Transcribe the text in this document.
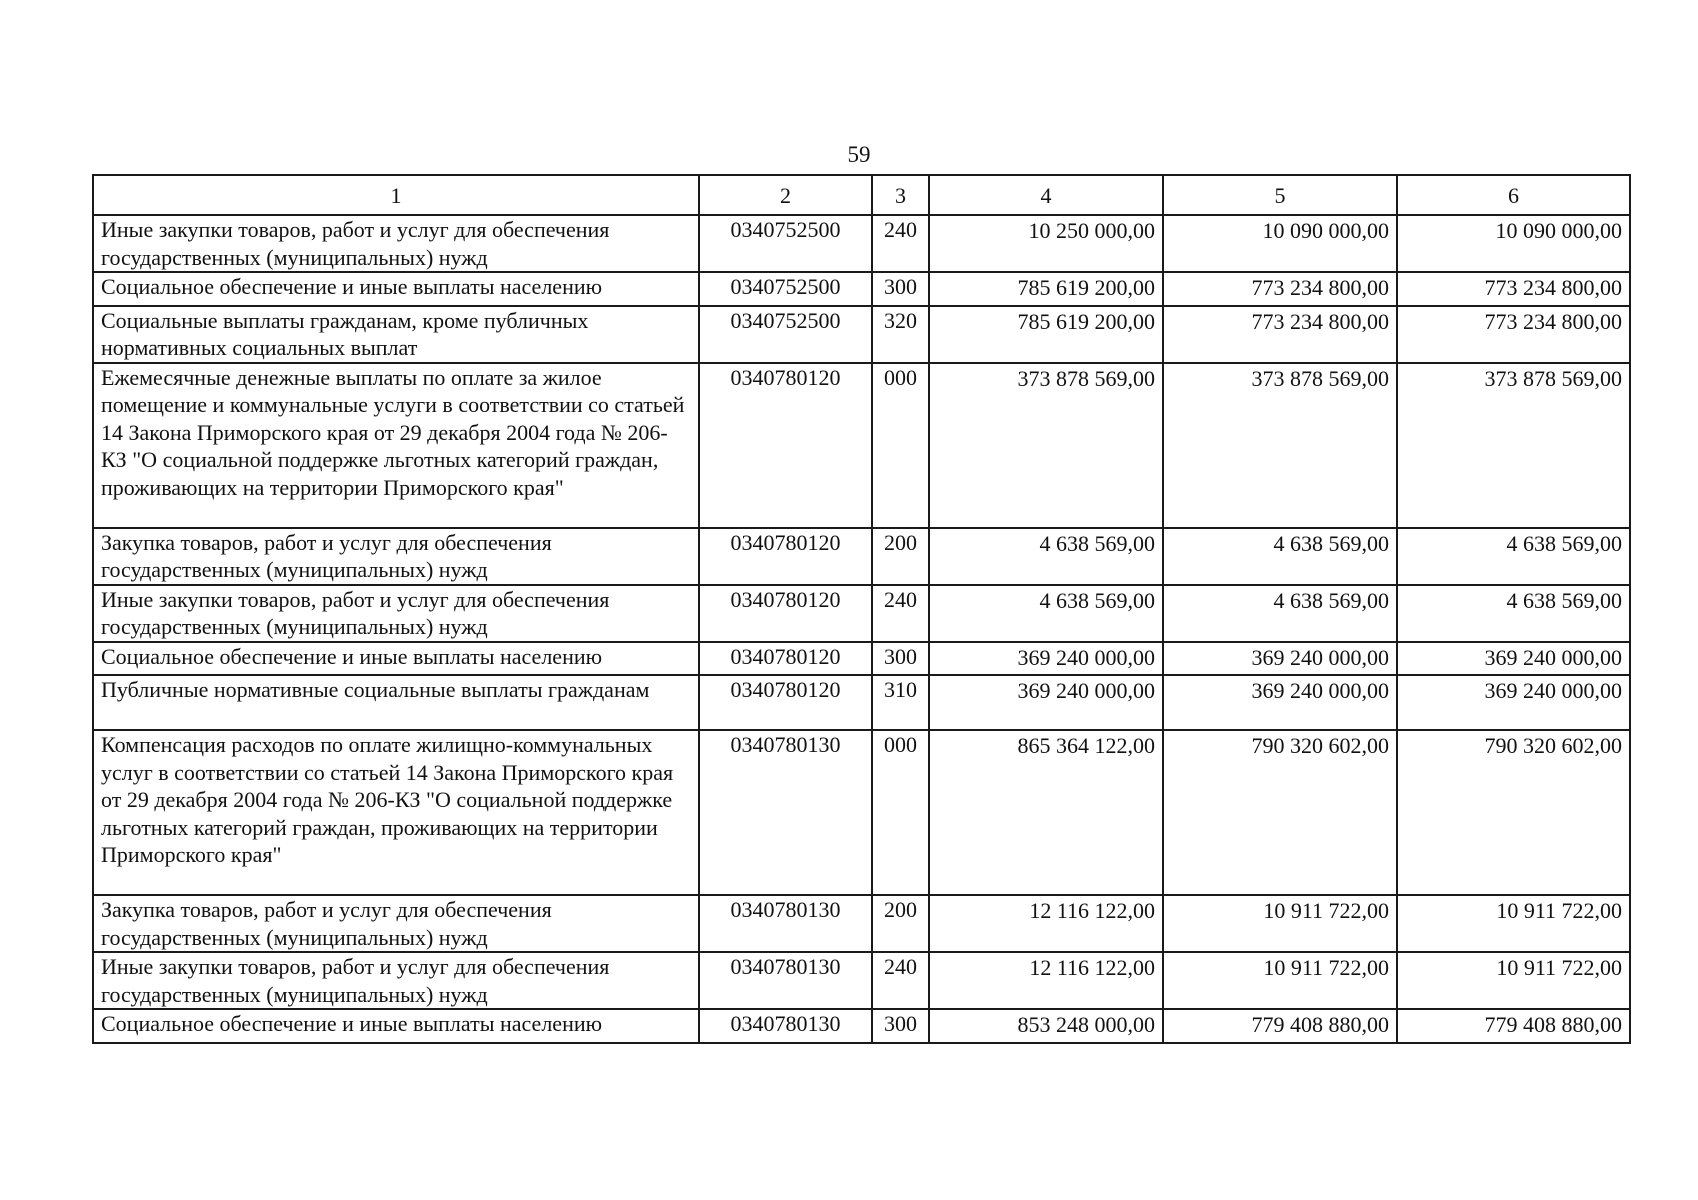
59
1	2	3	4	5	6
Иные закупки товаров, работ и услуг для обеспечения государственных (муниципальных) нужд	0340752500	240	10 250 000,00	10 090 000,00	10 090 000,00
Социальное обеспечение и иные выплаты населению	0340752500	300	785 619 200,00	773 234 800,00	773 234 800,00
Социальные выплаты гражданам, кроме публичных нормативных социальных выплат	0340752500	320	785 619 200,00	773 234 800,00	773 234 800,00
Ежемесячные денежные выплаты по оплате за жилое помещение и коммунальные услуги в соответствии со статьей 14 Закона Приморского края от 29 декабря 2004 года № 206-КЗ "О социальной поддержке льготных категорий граждан, проживающих на территории Приморского края"	0340780120	000	373 878 569,00	373 878 569,00	373 878 569,00
Закупка товаров, работ и услуг для обеспечения государственных (муниципальных) нужд	0340780120	200	4 638 569,00	4 638 569,00	4 638 569,00
Иные закупки товаров, работ и услуг для обеспечения государственных (муниципальных) нужд	0340780120	240	4 638 569,00	4 638 569,00	4 638 569,00
Социальное обеспечение и иные выплаты населению	0340780120	300	369 240 000,00	369 240 000,00	369 240 000,00
Публичные нормативные социальные выплаты гражданам	0340780120	310	369 240 000,00	369 240 000,00	369 240 000,00
Компенсация расходов по оплате жилищно-коммунальных услуг в соответствии со статьей 14 Закона Приморского края от 29 декабря 2004 года № 206-КЗ "О социальной поддержке льготных категорий граждан, проживающих на территории Приморского края"	0340780130	000	865 364 122,00	790 320 602,00	790 320 602,00
Закупка товаров, работ и услуг для обеспечения государственных (муниципальных) нужд	0340780130	200	12 116 122,00	10 911 722,00	10 911 722,00
Иные закупки товаров, работ и услуг для обеспечения государственных (муниципальных) нужд	0340780130	240	12 116 122,00	10 911 722,00	10 911 722,00
Социальное обеспечение и иные выплаты населению	0340780130	300	853 248 000,00	779 408 880,00	779 408 880,00
